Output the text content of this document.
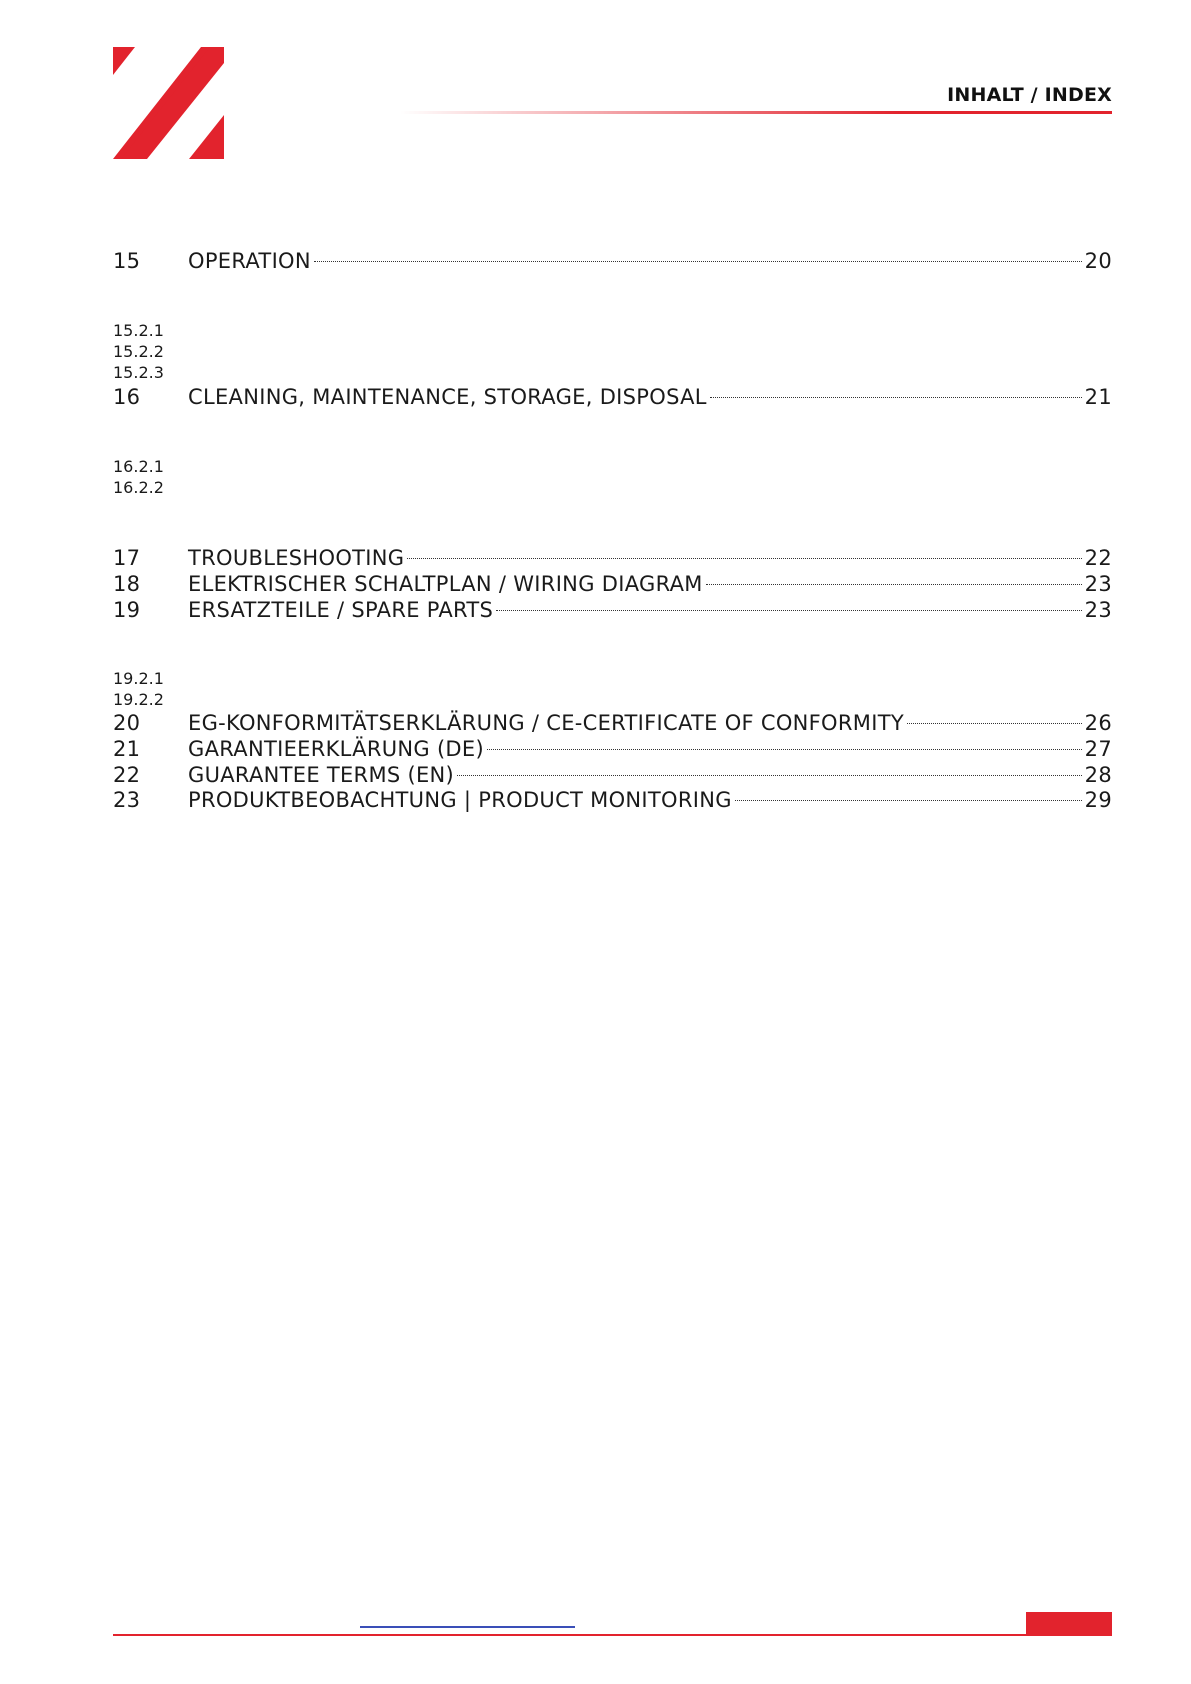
INHALT / INDEX
15	OPERATION	20
15.2.1
15.2.2
15.2.3
16	CLEANING, MAINTENANCE, STORAGE, DISPOSAL	21
16.2.1
16.2.2
17	TROUBLESHOOTING	22
18	ELEKTRISCHER SCHALTPLAN / WIRING DIAGRAM	23
19	ERSATZTEILE / SPARE PARTS	23
19.2.1
19.2.2
20	EG-KONFORMITÄTSERKLÄRUNG / CE-CERTIFICATE OF CONFORMITY	26
21	GARANTIEERKLÄRUNG (DE)	27
22	GUARANTEE TERMS (EN)	28
23	PRODUKTBEOBACHTUNG | PRODUCT MONITORING	29
